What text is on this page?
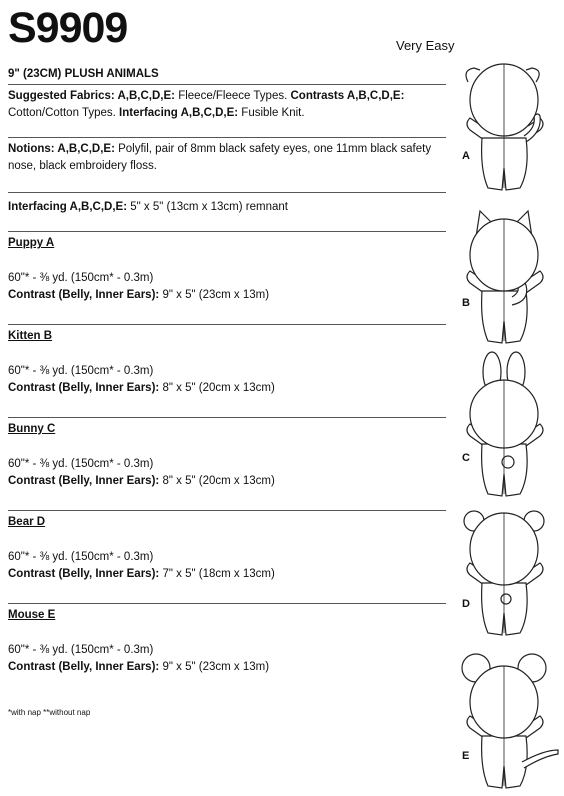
S9909	Very Easy
9" (23CM) PLUSH ANIMALS
Suggested Fabrics: A,B,C,D,E: Fleece/Fleece Types. Contrasts A,B,C,D,E: Cotton/Cotton Types. Interfacing A,B,C,D,E: Fusible Knit.
Notions: A,B,C,D,E: Polyfil, pair of 8mm black safety eyes, one 11mm black safety nose, black embroidery floss.
Interfacing A,B,C,D,E: 5" x 5" (13cm x 13cm) remnant
Puppy A
60"* - ⅜ yd. (150cm* - 0.3m)
Contrast (Belly, Inner Ears): 9" x 5" (23cm x 13m)
Kitten B
60"* - ⅜ yd. (150cm* - 0.3m)
Contrast (Belly, Inner Ears): 8" x 5" (20cm x 13cm)
Bunny C
60"* - ⅜ yd. (150cm* - 0.3m)
Contrast (Belly, Inner Ears): 8" x 5" (20cm x 13cm)
Bear D
60"* - ⅜ yd. (150cm* - 0.3m)
Contrast (Belly, Inner Ears): 7" x 5" (18cm x 13cm)
Mouse E
60"* - ⅜ yd. (150cm* - 0.3m)
Contrast (Belly, Inner Ears): 9" x 5" (23cm x 13m)
*with nap **without nap
A
B
C
D
E
